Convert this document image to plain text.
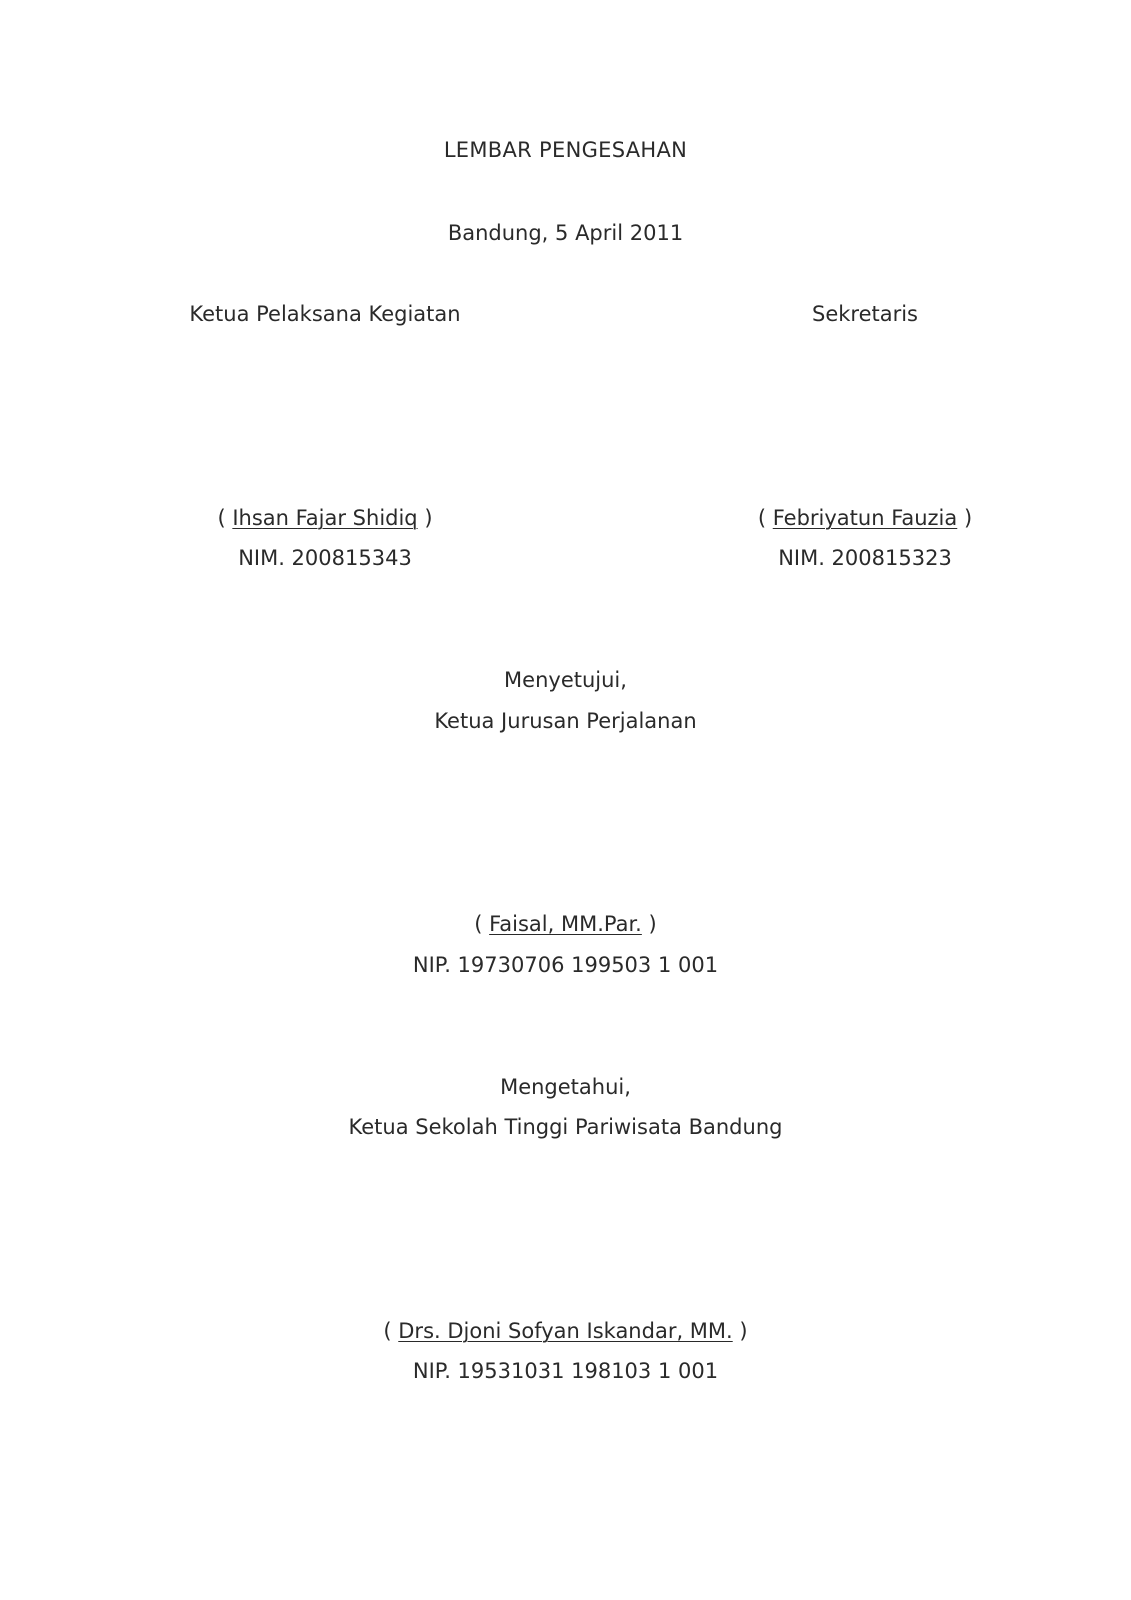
LEMBAR PENGESAHAN
Bandung, 5 April 2011
Ketua Pelaksana Kegiatan
( Ihsan Fajar Shidiq )
NIM. 200815343
Sekretaris
( Febriyatun Fauzia )
NIM. 200815323
Menyetujui,
Ketua Jurusan Perjalanan
( Faisal, MM.Par. )
NIP. 19730706 199503 1 001
Mengetahui,
Ketua Sekolah Tinggi Pariwisata Bandung
( Drs. Djoni Sofyan Iskandar, MM. )
NIP. 19531031 198103 1 001
